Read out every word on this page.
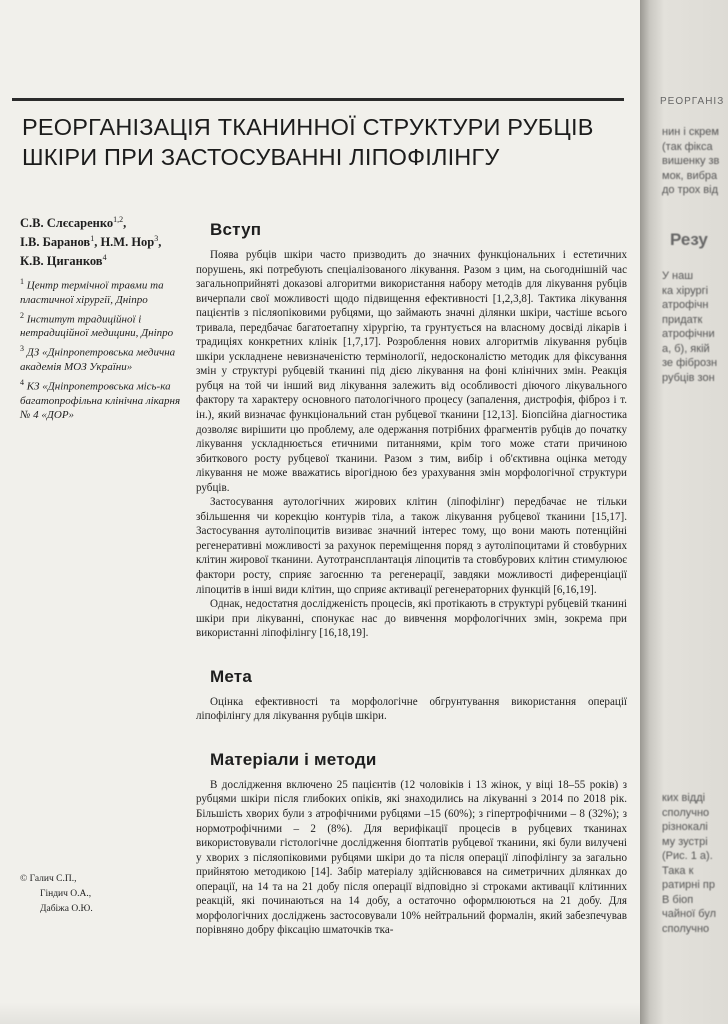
РЕОРГАНІЗАЦІЯ ТКАНИННОЇ СТРУКТУРИ РУБЦІВ
ШКІРИ ПРИ ЗАСТОСУВАННІ ЛІПОФІЛІНГУ
С.В. Слєсаренко$^{1,2}$,
І.В. Баранов$^1$, Н.М. Нор$^3$,
К.В. Циганков$^4$
$^1$ Центр термічної травми та пластичної хірургії, Дніпро
$^2$ Інститут традиційної і нетрадиційної медицини, Дніпро
$^3$ ДЗ «Дніпропетровська медична академія МОЗ України»
$^4$ КЗ «Дніпропетровська місь-ка багатопрофільна клінічна лікарня № 4 «ДОР»
© Галич С.П.,
Гіндич О.А.,
Дабіжа О.Ю.
Вступ

Поява рубців шкіри часто призводить до значних функціональних і естетичних порушень, які потребують спеціалізованого лікування. Разом з цим, на сьогоднішній час загальноприйняті доказові алгоритми використання набору методів для лікування рубців вичерпали свої можливості щодо підвищення ефективності [1,2,3,8]. Тактика лікування пацієнтів з післяопіковими рубцями, що займають значні ділянки шкіри, частіше всього тривала, передбачає багатоетапну хірургію, та грунтується на власному досвіді лікарів і традиціях конкретних клінік [1,7,17]. Розроблення нових алгоритмів лікування рубців шкіри ускладнене невизначеністю термінології, недосконалістю методик для фіксування змін у структурі рубцевій тканині під дією лікування на фоні клінічних змін. Реакція рубця на той чи інший вид лікування залежить від особливості діючого лікувального фактору та характеру основного патологічного процесу (запалення, дистрофія, фіброз і т. ін.), який визначає функціональний стан рубцевої тканини [12,13]. Біопсійна діагностика дозволяє вирішити цю проблему, але одержання потрібних фрагментів рубців до початку лікування ускладнюється етичними питаннями, крім того може стати причиною збиткового росту рубцевої тканини. Разом з тим, вибір і об'єктивна оцінка методу лікування не може вважатись вірогідною без урахування змін морфологічної структури рубців.

Застосування аутологічних жирових клітин (ліпофілінг) передбачає не тільки збільшення чи корекцію контурів тіла, а також лікування рубцевої тканини [15,17]. Застосування аутоліпоцитів визиває значний інтерес тому, що вони мають потенційні регенеративні можливості за рахунок переміщення поряд з аутоліпоцитами й стовбурних клітин жирової тканини. Аутотрансплантація ліпоцитів та стовбурових клітин стимулюює фактори росту, сприяє загоєнню та регенерації, завдяки можливості диференціації ліпоцитів в інші види клітин, що сприяє активації регенераторних функцій [6,16,19].

Однак, недостатня дослідженість процесів, які протікають в структурі рубцевій тканині шкіри при лікуванні, спонукає нас до вивчення морфологічних змін, зокрема при використанні ліпофілінгу [16,18,19].

Мета

Оцінка ефективності та морфологічне обгрунтування використання операції ліпофілінгу для лікування рубців шкіри.

Матеріали і методи

В дослідження включено 25 пацієнтів (12 чоловіків і 13 жінок, у віці 18–55 років) з рубцями шкіри після глибоких опіків, які знаходились на лікуванні з 2014 по 2018 рік. Більшість хворих були з атрофічними рубцями –15 (60%); з гіпертрофічними – 8 (32%); з нормотрофічними – 2 (8%). Для верифікації процесів в рубцевих тканинах використовували гістологічне дослідження біоптатів рубцевої тканини, які були вилучені у хворих з післяопіковими рубцями шкіри до та після операції ліпофілінгу за загально прийнятою методикою [14]. Забір матеріалу здійснювався на симетричних ділянках до операції, на 14 та на 21 добу після операції відповідно зі строками активації клітинних реакцій, які починаються на 14 добу, а остаточно оформлюються на 21 добу. Для морфологічних досліджень застосовували 10% нейтральний формалін, який забезпечував порівняно добру фіксацію шматочків тка-

РЕОРГАНІЗ
Резу
нин і скрем
(так фікса
вишенку зв
мок, вибра
до трох від
У наш
ка хірургі
атрофічн
придатк
атрофічни
а, б), якій
зе фіброзн
рубців зон
ких відді
сполучно
різнокалі
му зустрі
(Рис. 1 а).
Така к
ратирні пр
В біоп
чайної бул
сполучно
